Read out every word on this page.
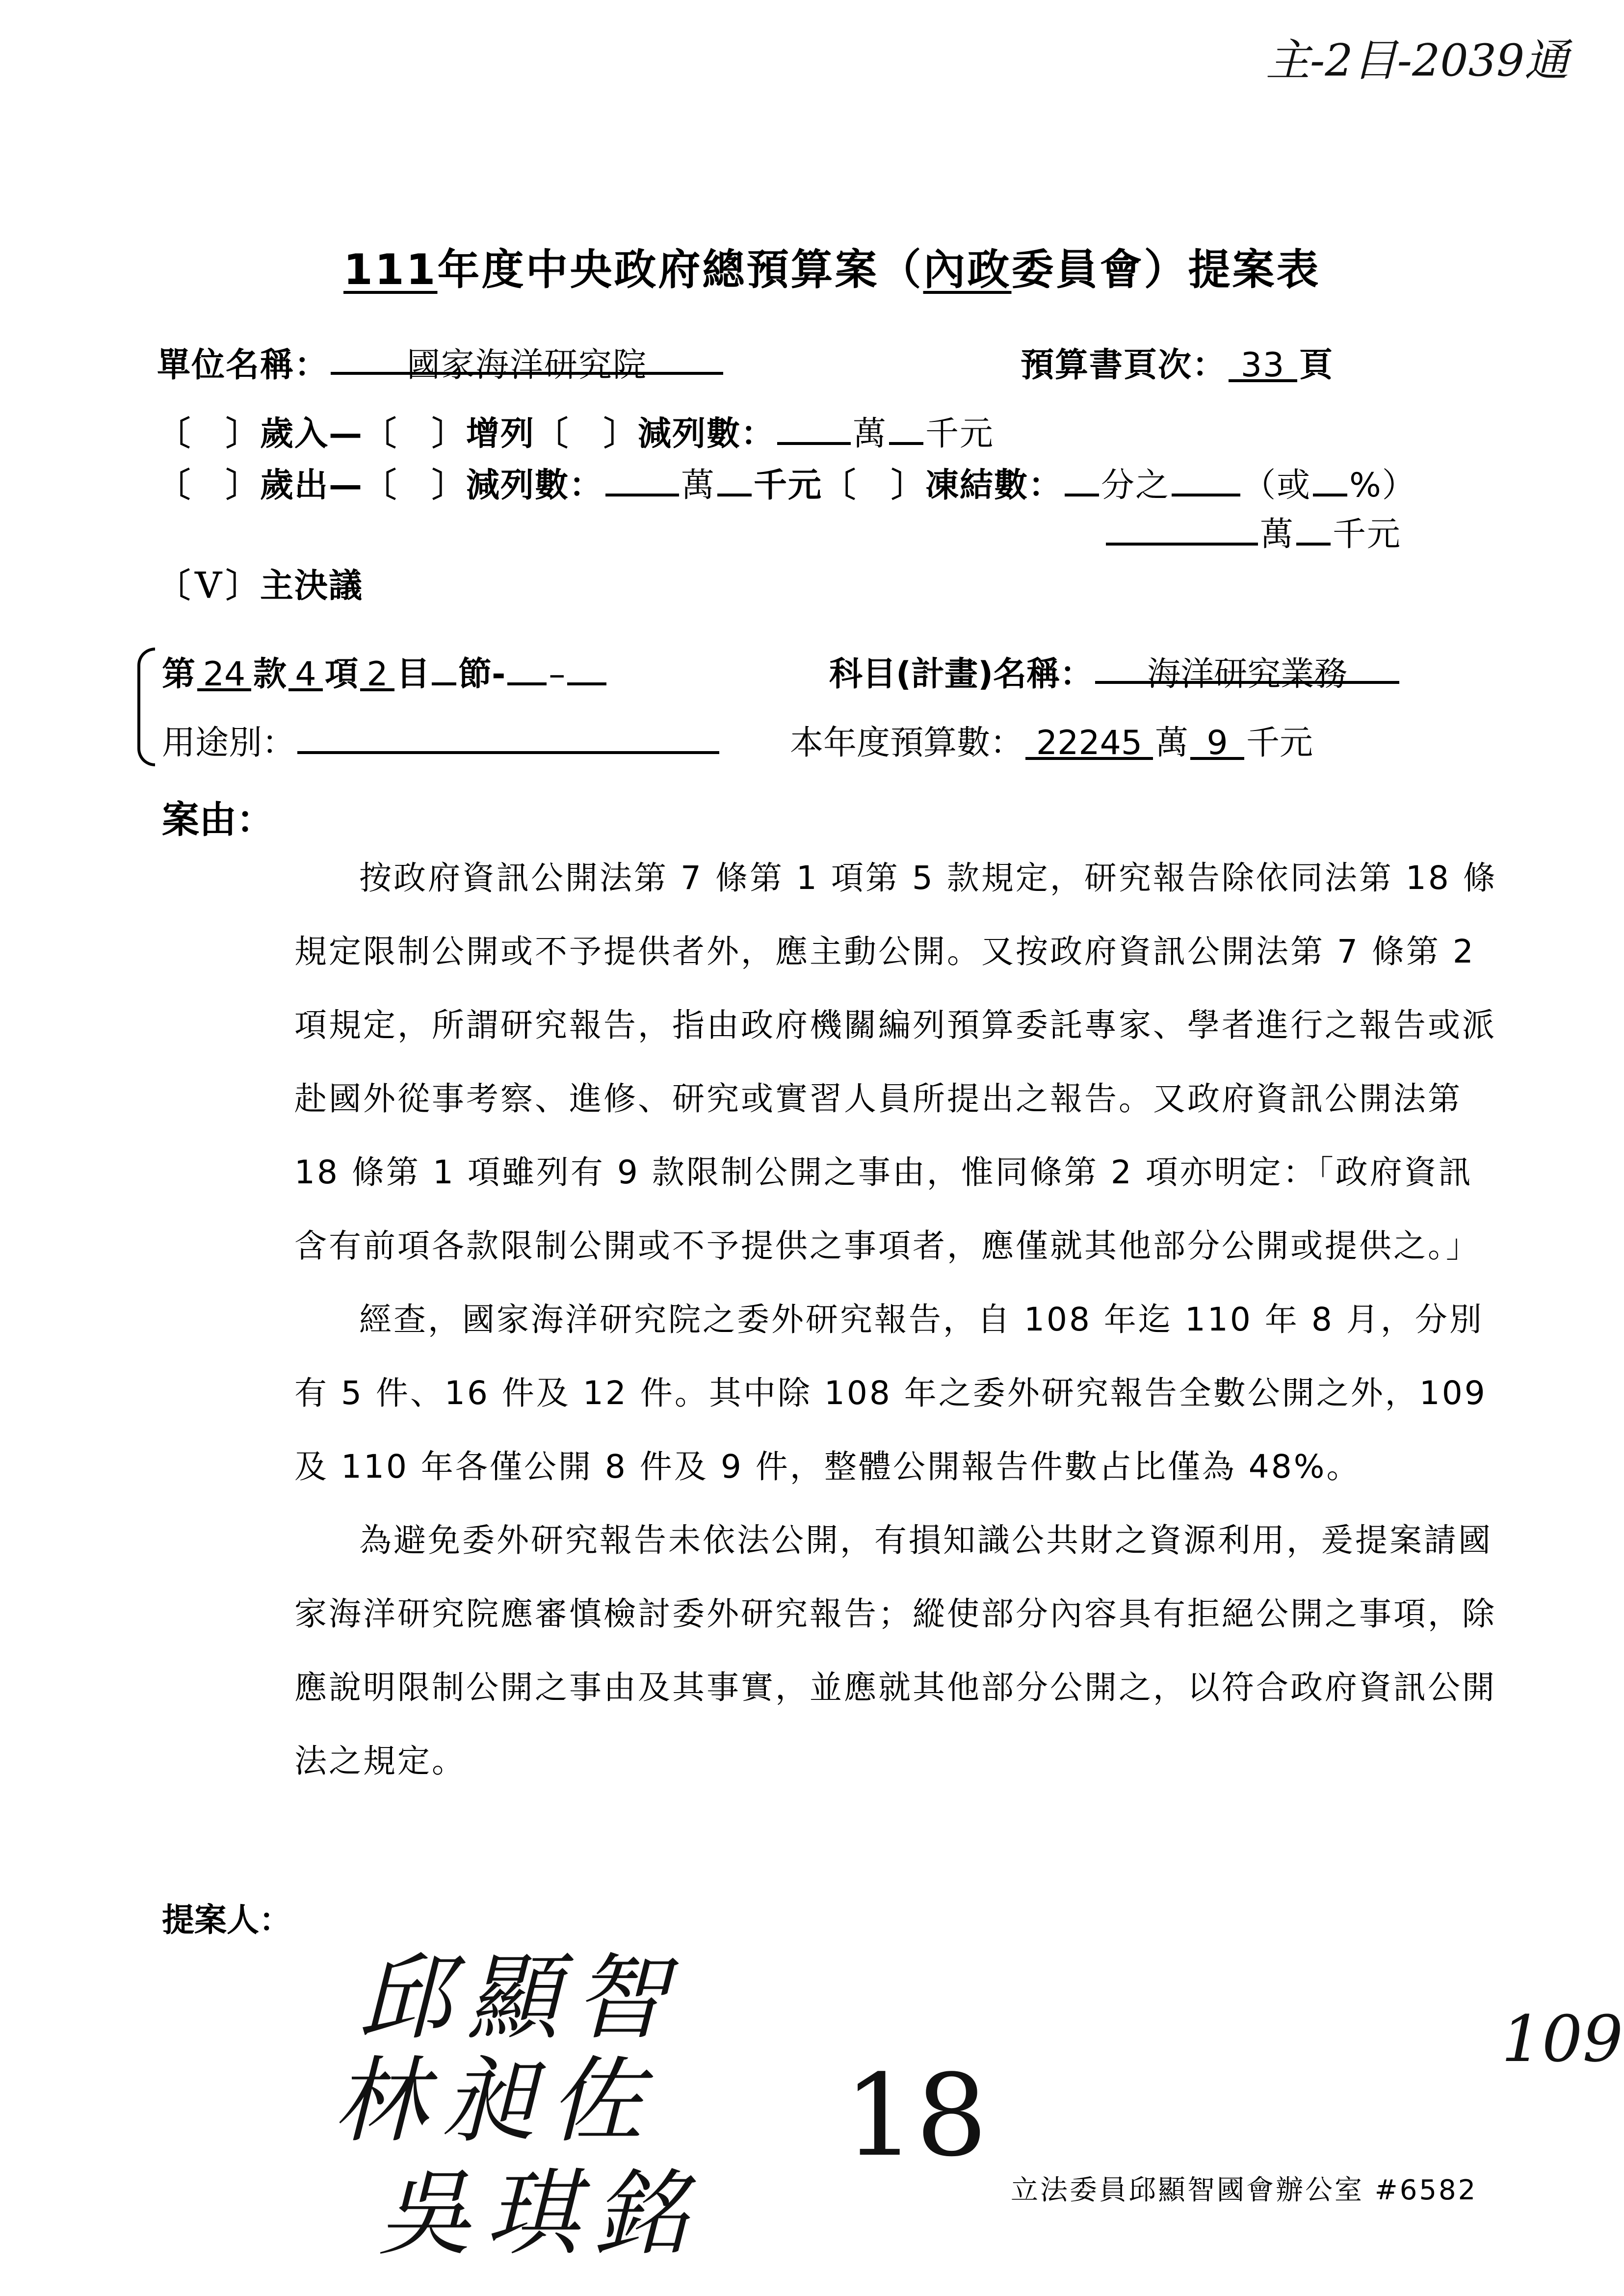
主-2目-2039通
111年度中央政府總預算案（內政委員會）提案表
單位名稱： 國家海洋研究院	預算書頁次： 33 頁
〔　〕歲入—〔　〕增列〔　〕減列數： 萬 千元
〔　〕歲出—〔　〕減列數： 萬 千元〔　〕凍結數： 分之 （或 %）
萬 千元
〔Ｖ〕主決議
第 24 款 4 項 2 目 節- –	科目(計畫)名稱： 海洋研究業務
用途別：	本年度預算數： 22245 萬 9 千元
案由：

按政府資訊公開法第 7 條第 1 項第 5 款規定，研究報告除依同法第 18 條規定限制公開或不予提供者外，應主動公開。又按政府資訊公開法第 7 條第 2 項規定，所謂研究報告，指由政府機關編列預算委託專家、學者進行之報告或派赴國外從事考察、進修、研究或實習人員所提出之報告。又政府資訊公開法第 18 條第 1 項雖列有 9 款限制公開之事由，惟同條第 2 項亦明定：「政府資訊含有前項各款限制公開或不予提供之事項者，應僅就其他部分公開或提供之。」

經查，國家海洋研究院之委外研究報告，自 108 年迄 110 年 8 月，分別有 5 件、16 件及 12 件。其中除 108 年之委外研究報告全數公開之外，109 及 110 年各僅公開 8 件及 9 件，整體公開報告件數占比僅為 48%。

為避免委外研究報告未依法公開，有損知識公共財之資源利用，爰提案請國家海洋研究院應審慎檢討委外研究報告；縱使部分內容具有拒絕公開之事項，除應說明限制公開之事由及其事實，並應就其他部分公開之，以符合政府資訊公開法之規定。

提案人：
邱顯智
林昶佐
吳琪銘
18
109
立法委員邱顯智國會辦公室 #6582
